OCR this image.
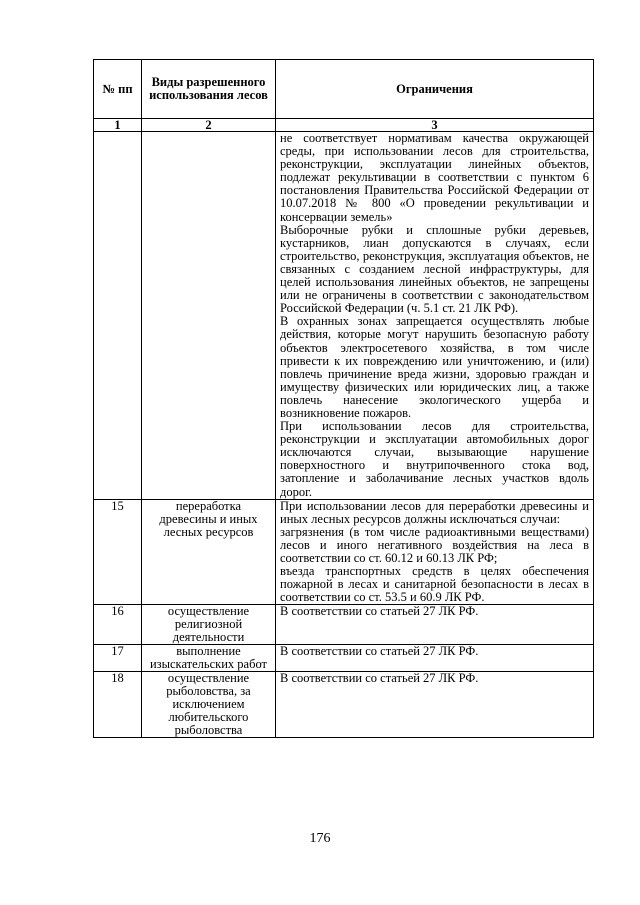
№ пп	Виды разрешенного использования лесов	Ограничения
1	2	3

		не соответствует нормативам качества окружающей среды, при использовании лесов для строительства, реконструкции, эксплуатации линейных объектов, подлежат рекультивации в соответствии с пунктом 6 постановления Правительства Российской Федерации от 10.07.2018 № 800 «О проведении рекультивации и консервации земель»

Выборочные рубки и сплошные рубки деревьев, кустарников, лиан допускаются в случаях, если строительство, реконструкция, эксплуатация объектов, не связанных с созданием лесной инфраструктуры, для целей использования линейных объектов, не запрещены или не ограничены в соответствии с законодательством Российской Федерации (ч. 5.1 ст. 21 ЛК РФ).

В охранных зонах запрещается осуществлять любые действия, которые могут нарушить безопасную работу объектов электросетевого хозяйства, в том числе привести к их повреждению или уничтожению, и (или) повлечь причинение вреда жизни, здоровью граждан и имуществу физических или юридических лиц, а также повлечь нанесение экологического ущерба и возникновение пожаров.

При использовании лесов для строительства, реконструкции и эксплуатации автомобильных дорог исключаются случаи, вызывающие нарушение поверхностного и внутрипочвенного стока вод, затопление и заболачивание лесных участков вдоль дорог.

15	переработка древесины и иных лесных ресурсов	При использовании лесов для переработки древесины и иных лесных ресурсов должны исключаться случаи:

загрязнения (в том числе радиоактивными веществами) лесов и иного негативного воздействия на леса в соответствии со ст. 60.12 и 60.13 ЛК РФ;

въезда транспортных средств в целях обеспечения пожарной в лесах и санитарной безопасности в лесах в соответствии со ст. 53.5 и 60.9 ЛК РФ.

16	осуществление религиозной деятельности	В соответствии со статьей 27 ЛК РФ.

17	выполнение изыскательских работ	В соответствии со статьей 27 ЛК РФ.

18	осуществление рыболовства, за исключением любительского рыболовства	В соответствии со статьей 27 ЛК РФ.

176
